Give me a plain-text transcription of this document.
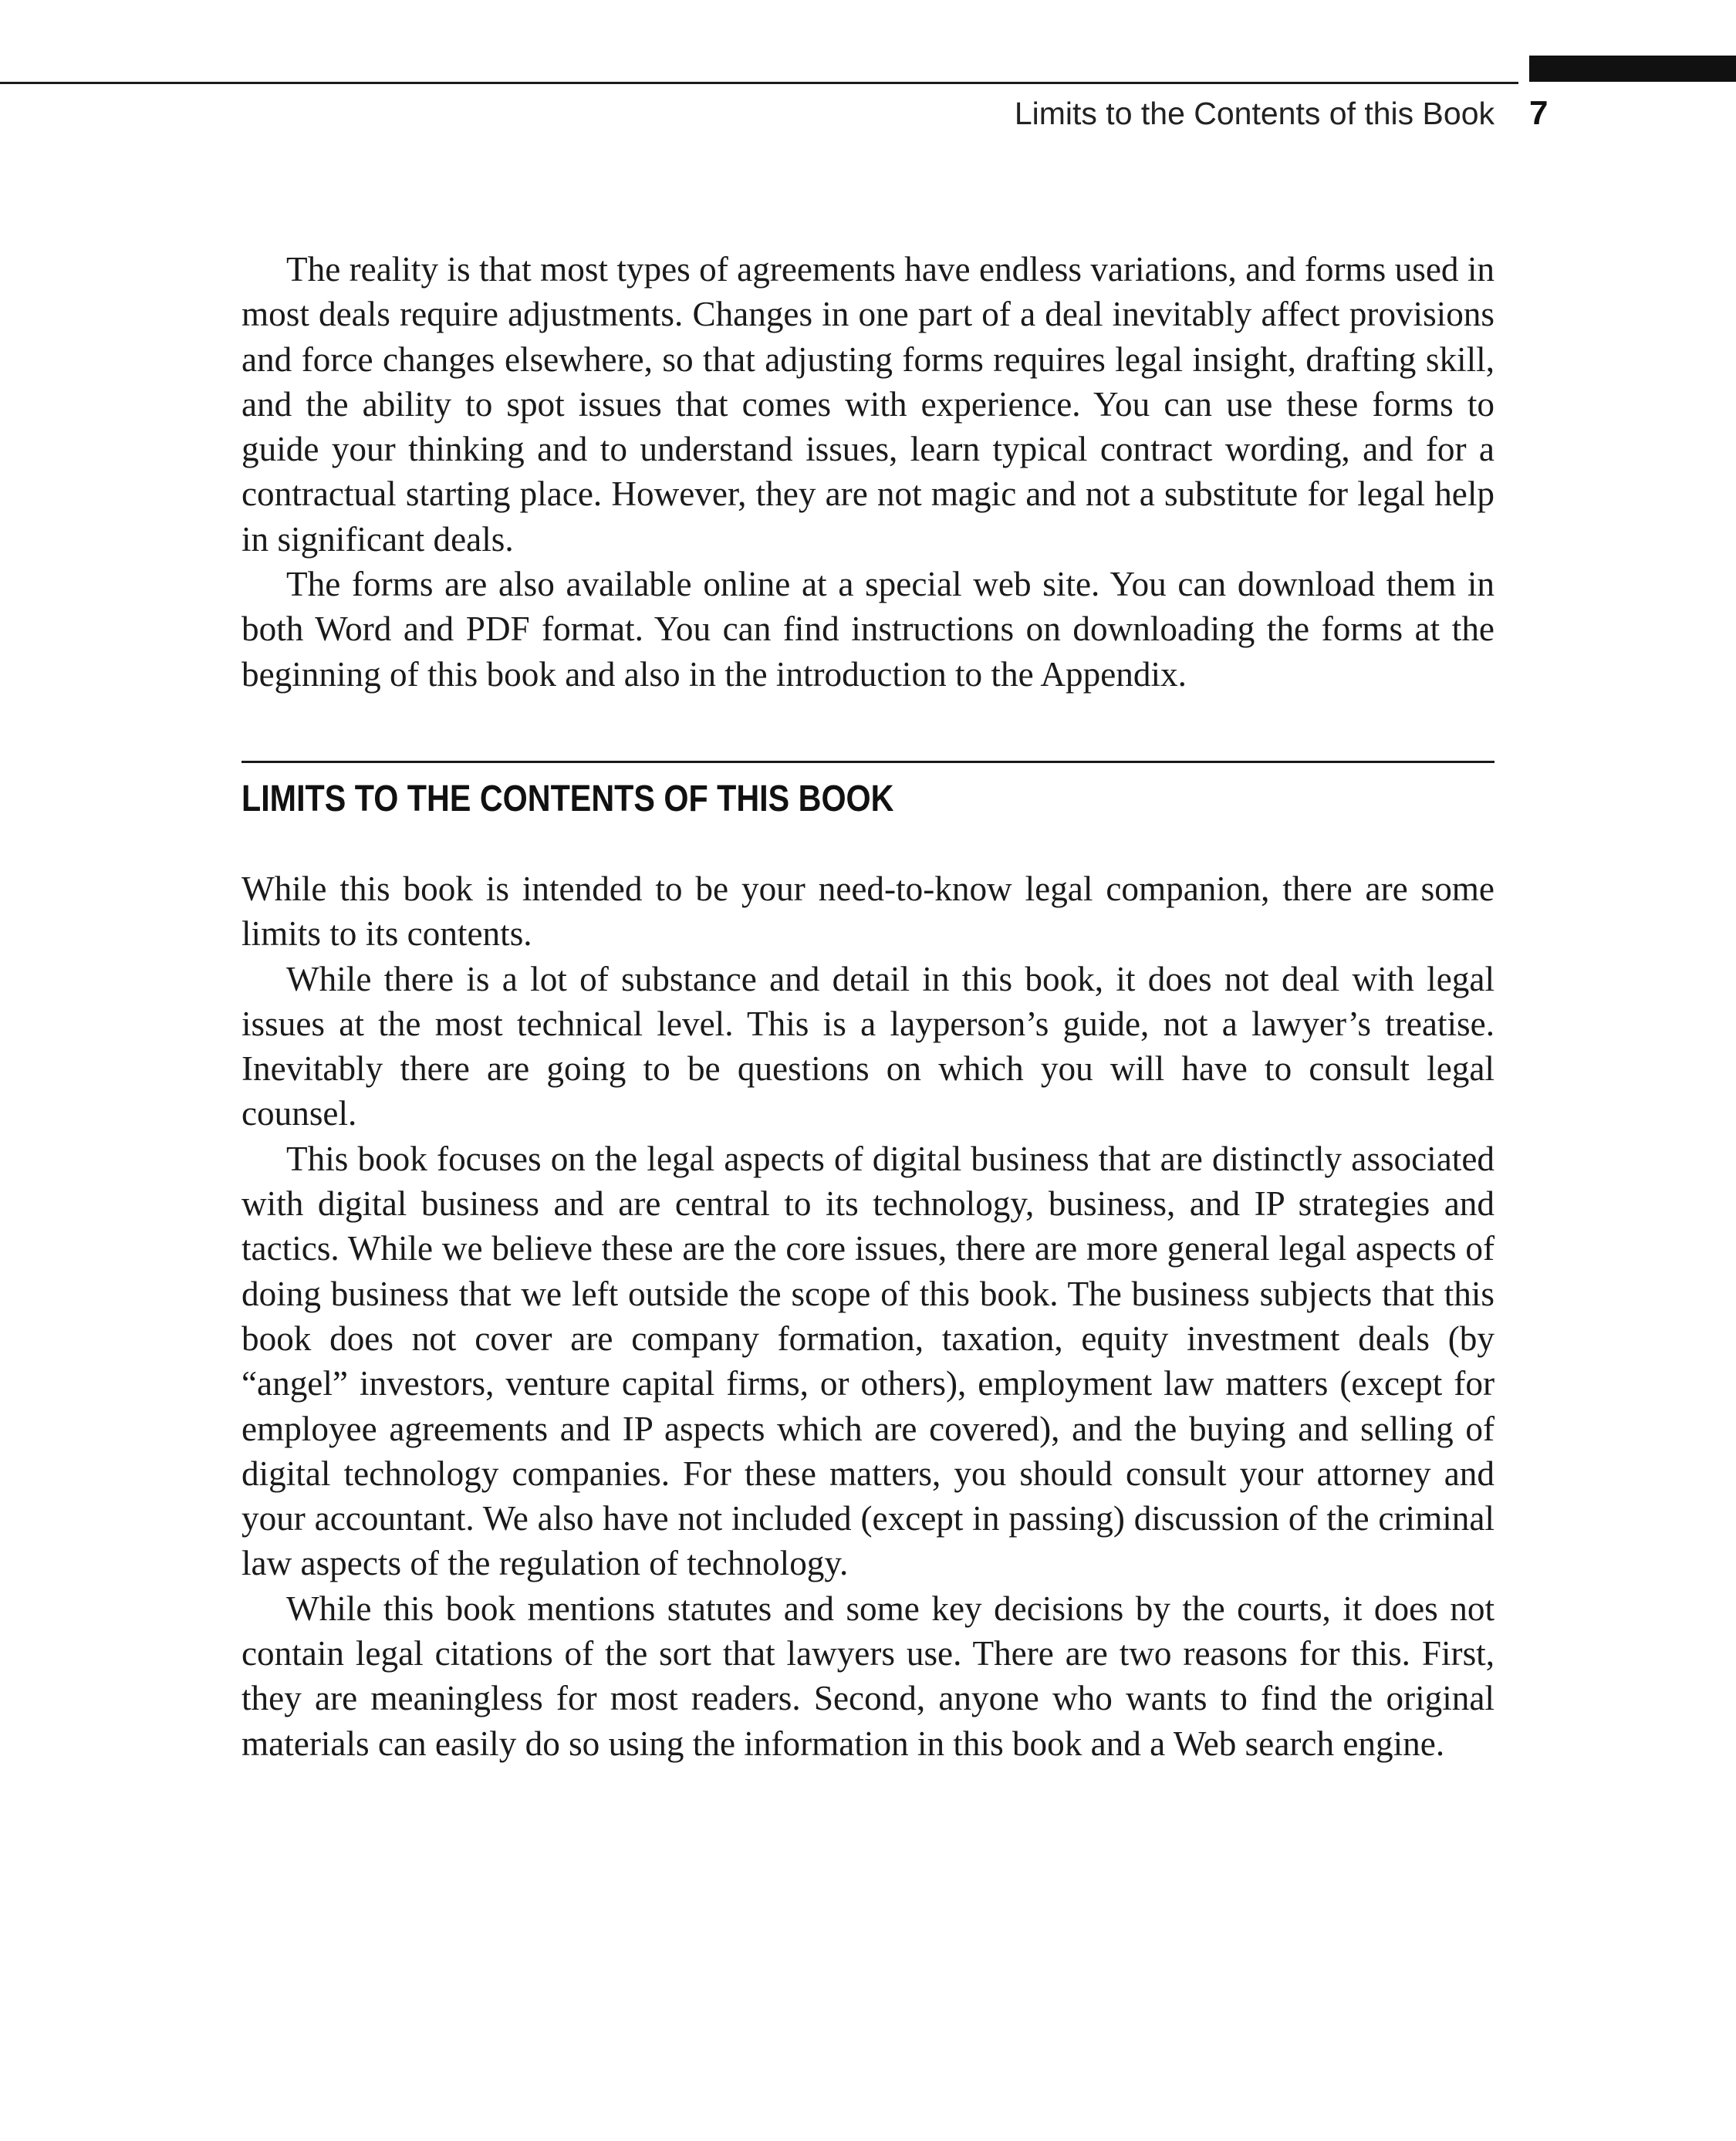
Limits to the Contents of this Book 7

The reality is that most types of agreements have endless variations, and forms used in most deals require adjustments. Changes in one part of a deal inevitably affect provisions and force changes elsewhere, so that adjusting forms requires legal insight, drafting skill, and the ability to spot issues that comes with experience. You can use these forms to guide your thinking and to understand issues, learn typical contract wording, and for a contractual starting place. However, they are not magic and not a substitute for legal help in significant deals.

The forms are also available online at a special web site. You can download them in both Word and PDF format. You can find instructions on downloading the forms at the beginning of this book and also in the introduction to the Appendix.

LIMITS TO THE CONTENTS OF THIS BOOK

While this book is intended to be your need-to-know legal companion, there are some limits to its contents.

While there is a lot of substance and detail in this book, it does not deal with legal issues at the most technical level. This is a layperson’s guide, not a lawyer’s treatise. Inevitably there are going to be questions on which you will have to consult legal counsel.

This book focuses on the legal aspects of digital business that are distinctly associated with digital business and are central to its technology, business, and IP strategies and tactics. While we believe these are the core issues, there are more general legal aspects of doing business that we left outside the scope of this book. The business subjects that this book does not cover are company formation, taxation, equity investment deals (by “angel” investors, venture capital firms, or others), employment law matters (except for employee agreements and IP aspects which are covered), and the buying and selling of digital technology companies. For these matters, you should consult your attorney and your accountant. We also have not included (except in passing) discussion of the criminal law aspects of the regulation of technology.

While this book mentions statutes and some key decisions by the courts, it does not contain legal citations of the sort that lawyers use. There are two reasons for this. First, they are meaningless for most readers. Second, anyone who wants to find the original materials can easily do so using the information in this book and a Web search engine.
